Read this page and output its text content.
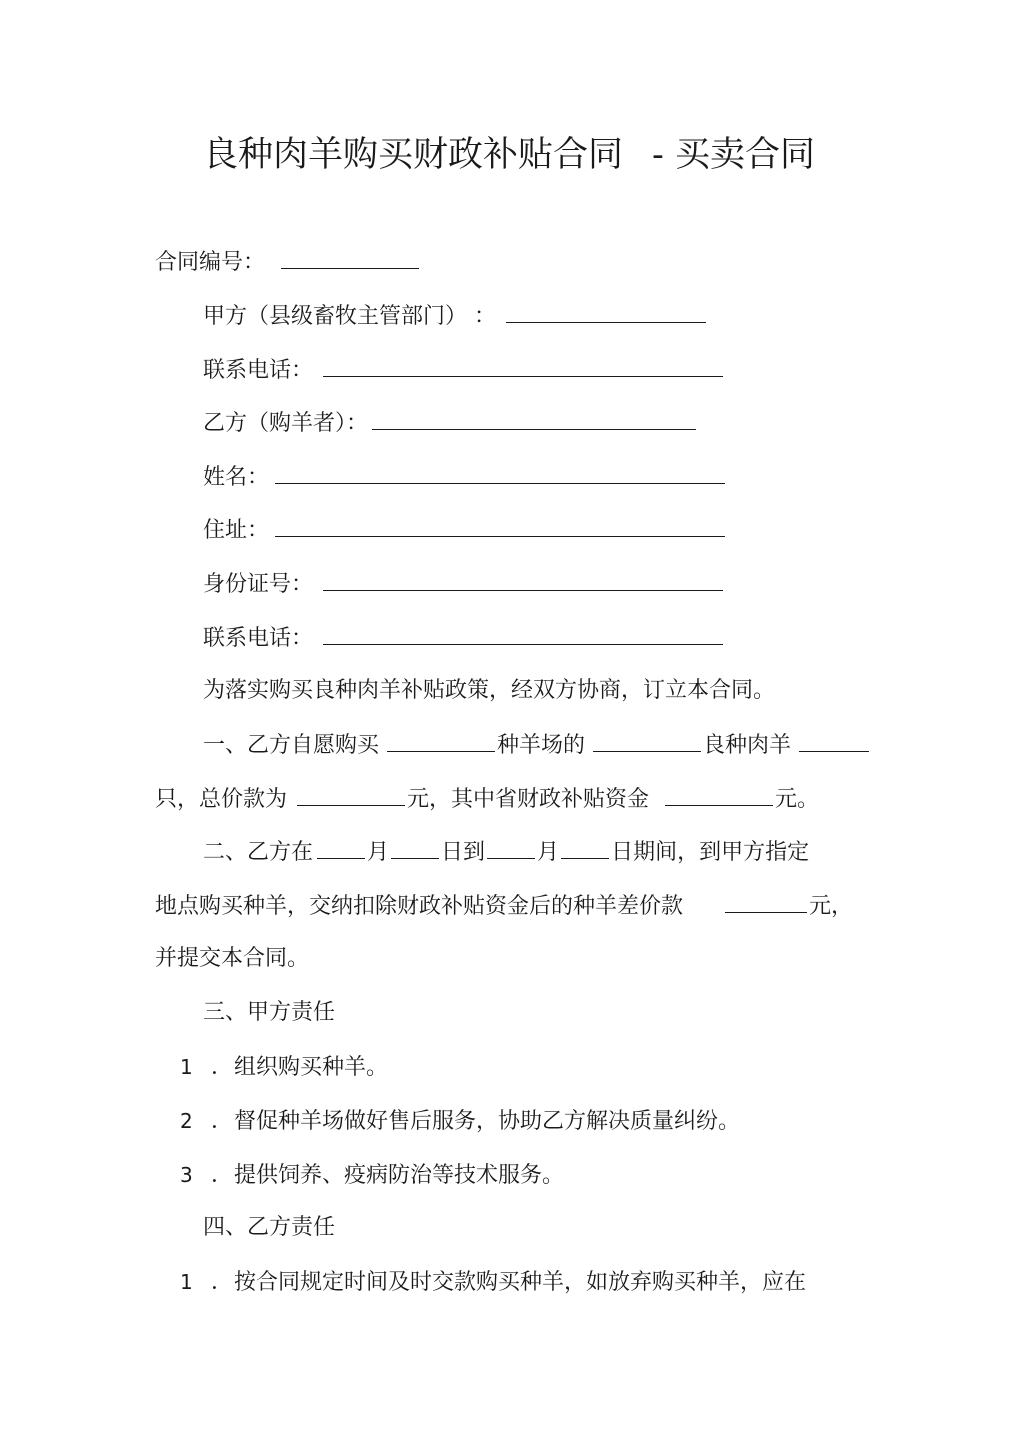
良种肉羊购买财政补贴合同 - 买卖合同
合同编号：
甲方（县级畜牧主管部门） ：
联系电话：
乙方（购羊者）：
姓名：
住址：
身份证号：
联系电话：
为落实购买良种肉羊补贴政策，经双方协商，订立本合同。
一、乙方自愿购买	种羊场的	良种肉羊
只，总价款为	元，其中省财政补贴资金	元。
二、乙方在 月 日到 月 日期间，到甲方指定
地点购买种羊，交纳扣除财政补贴资金后的种羊差价款	元，
并提交本合同。
三、甲方责任
1 ．组织购买种羊。
2 ．督促种羊场做好售后服务，协助乙方解决质量纠纷。
3 ．提供饲养、疫病防治等技术服务。
四、乙方责任
1 ．按合同规定时间及时交款购买种羊，如放弃购买种羊，应在
